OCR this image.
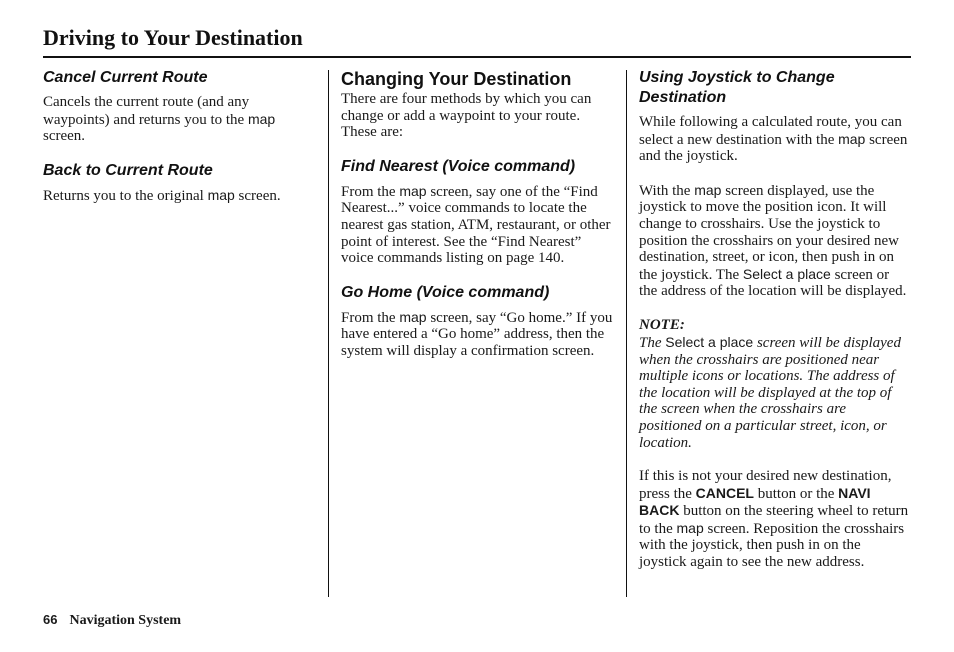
Driving to Your Destination
Cancel Current Route

Cancels the current route (and any waypoints) and returns you to the map screen.

Back to Current Route

Returns you to the original map screen.

Changing Your Destination

There are four methods by which you can change or add a waypoint to your route. These are:

Find Nearest (Voice command)

From the map screen, say one of the “Find Nearest...” voice commands to locate the nearest gas station, ATM, restaurant, or other point of interest. See the “Find Nearest” voice commands listing on page 140.

Go Home (Voice command)

From the map screen, say “Go home.” If you have entered a “Go home” address, then the system will display a confirmation screen.

Using Joystick to Change Destination

While following a calculated route, you can select a new destination with the map screen and the joystick.

With the map screen displayed, use the joystick to move the position icon. It will change to crosshairs. Use the joystick to position the crosshairs on your desired new destination, street, or icon, then push in on the joystick. The Select a place screen or the address of the location will be displayed.

NOTE:

The Select a place screen will be displayed when the crosshairs are positioned near multiple icons or locations. The address of the location will be displayed at the top of the screen when the crosshairs are positioned on a particular street, icon, or location.

If this is not your desired new destination, press the CANCEL button or the NAVI BACK button on the steering wheel to return to the map screen. Reposition the crosshairs with the joystick, then push in on the joystick again to see the new address.

66 Navigation System
